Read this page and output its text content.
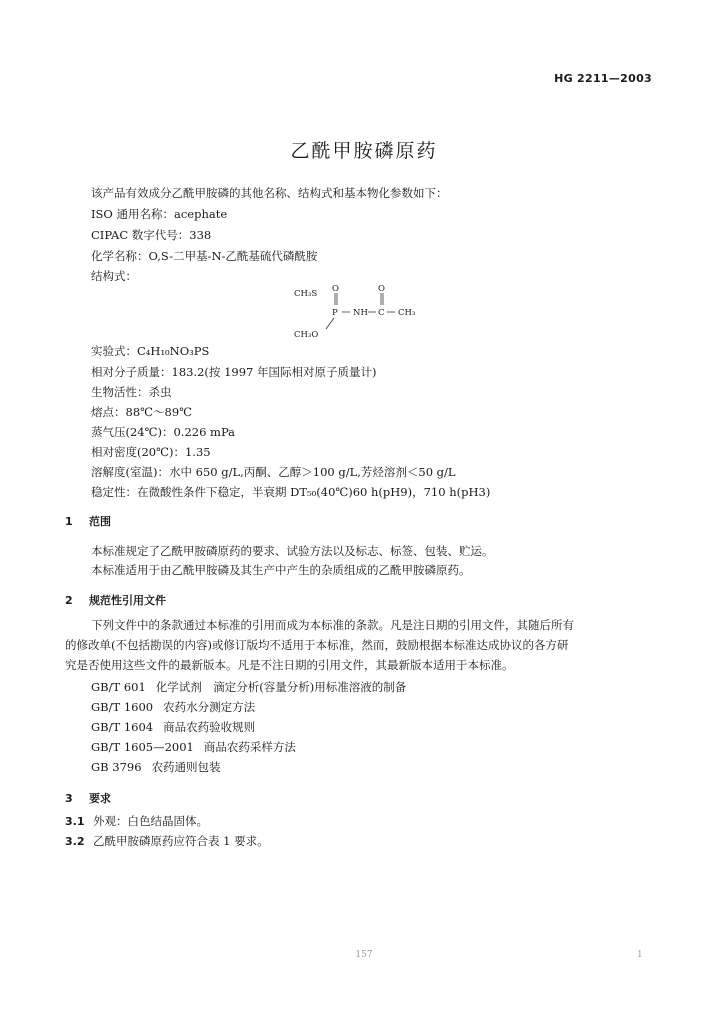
HG 2211—2003
乙酰甲胺磷原药
该产品有效成分乙酰甲胺磷的其他名称、结构式和基本物化参数如下：
ISO 通用名称：acephate
CIPAC 数字代号：338
化学名称：O,S-二甲基-N-乙酰基硫代磷酰胺
结构式：
CH₃S O	O
P NH C CH₃
CH₃O
实验式：C₄H₁₀NO₃PS
相对分子质量：183.2(按 1997 年国际相对原子质量计)
生物活性：杀虫
熔点：88℃～89℃
蒸气压(24℃)：0.226 mPa
相对密度(20℃)：1.35
溶解度(室温)：水中 650 g/L,丙酮、乙醇＞100 g/L,芳烃溶剂＜50 g/L
稳定性：在微酸性条件下稳定，半衰期 DT₅₀(40℃)60 h(pH9)，710 h(pH3)
1 范围
本标准规定了乙酰甲胺磷原药的要求、试验方法以及标志、标签、包装、贮运。
本标准适用于由乙酰甲胺磷及其生产中产生的杂质组成的乙酰甲胺磷原药。
2 规范性引用文件
下列文件中的条款通过本标准的引用而成为本标准的条款。凡是注日期的引用文件，其随后所有
的修改单(不包括勘误的内容)或修订版均不适用于本标准，然而，鼓励根据本标准达成协议的各方研
究是否使用这些文件的最新版本。凡是不注日期的引用文件，其最新版本适用于本标准。
GB/T 601 化学试剂　滴定分析(容量分析)用标准溶液的制备
GB/T 1600 农药水分测定方法
GB/T 1604 商品农药验收规则
GB/T 1605—2001 商品农药采样方法
GB 3796 农药通则包装
3 要求
3.1 外观：白色结晶固体。
3.2 乙酰甲胺磷原药应符合表 1 要求。
157	1
